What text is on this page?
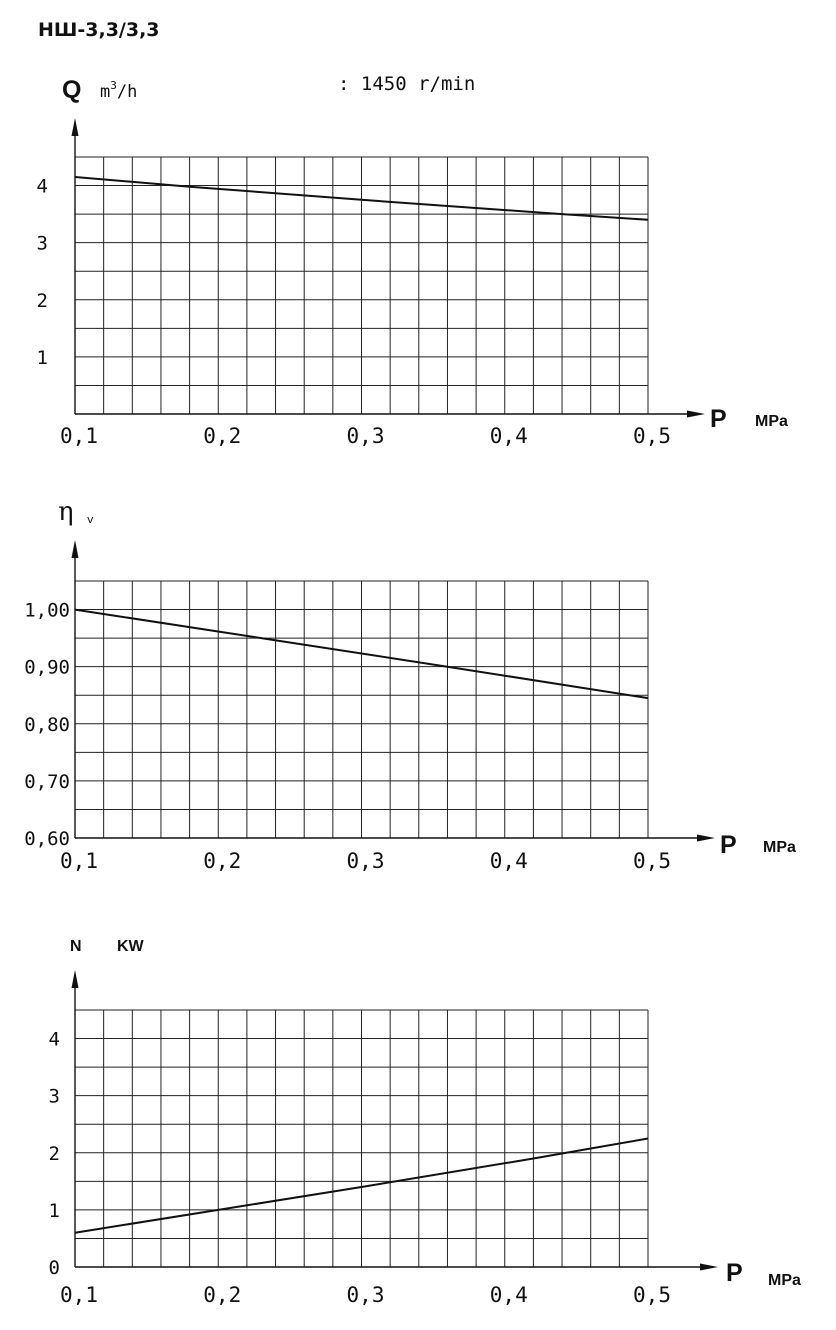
НШ-3,3/3,3
Q $m^3/h$	: 1450 r/min
P MPa
0,1	0,2	0,3	0,4	0,5
1
2
3
4
η v
P MPa
0,1	0,2	0,3	0,4	0,5
0,60
0,70
0,80
0,90
1,00
N KW
P MPa
0,1	0,2	0,3	0,4	0,5
0
1
2
3
4
